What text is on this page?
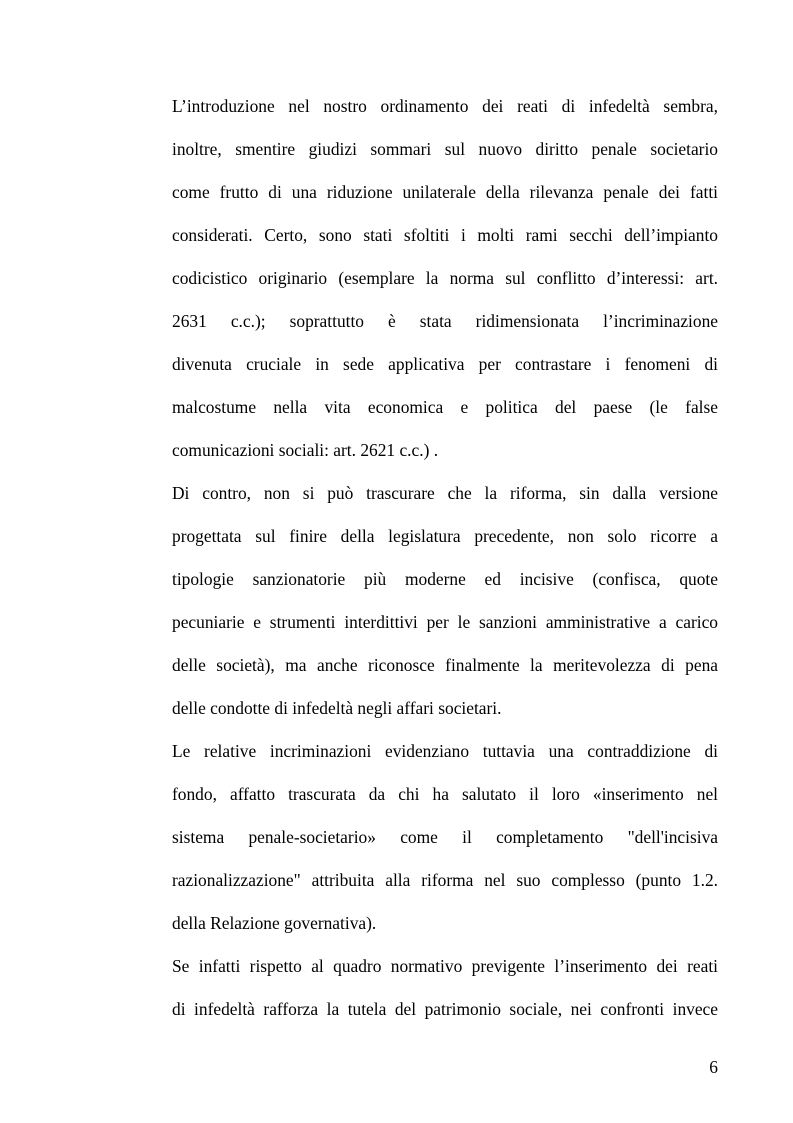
L’introduzione nel nostro ordinamento dei reati di infedeltà sembra,
inoltre, smentire giudizi sommari sul nuovo diritto penale societario
come frutto di una riduzione unilaterale della rilevanza penale dei fatti
considerati. Certo, sono stati sfoltiti i molti rami secchi dell’impianto
codicistico originario (esemplare la norma sul conflitto d’interessi: art.
2631 c.c.); soprattutto è stata ridimensionata l’incriminazione
divenuta cruciale in sede applicativa per contrastare i fenomeni di
malcostume nella vita economica e politica del paese (le false
comunicazioni sociali: art. 2621 c.c.) .
Di contro, non si può trascurare che la riforma, sin dalla versione
progettata sul finire della legislatura precedente, non solo ricorre a
tipologie sanzionatorie più moderne ed incisive (confisca, quote
pecuniarie e strumenti interdittivi per le sanzioni amministrative a carico
delle società), ma anche riconosce finalmente la meritevolezza di pena
delle condotte di infedeltà negli affari societari.
Le relative incriminazioni evidenziano tuttavia una contraddizione di
fondo, affatto trascurata da chi ha salutato il loro «inserimento nel
sistema penale-societario» come il completamento "dell'incisiva
razionalizzazione" attribuita alla riforma nel suo complesso (punto 1.2.
della Relazione governativa).
Se infatti rispetto al quadro normativo previgente l’inserimento dei reati
di infedeltà rafforza la tutela del patrimonio sociale, nei confronti invece
6
